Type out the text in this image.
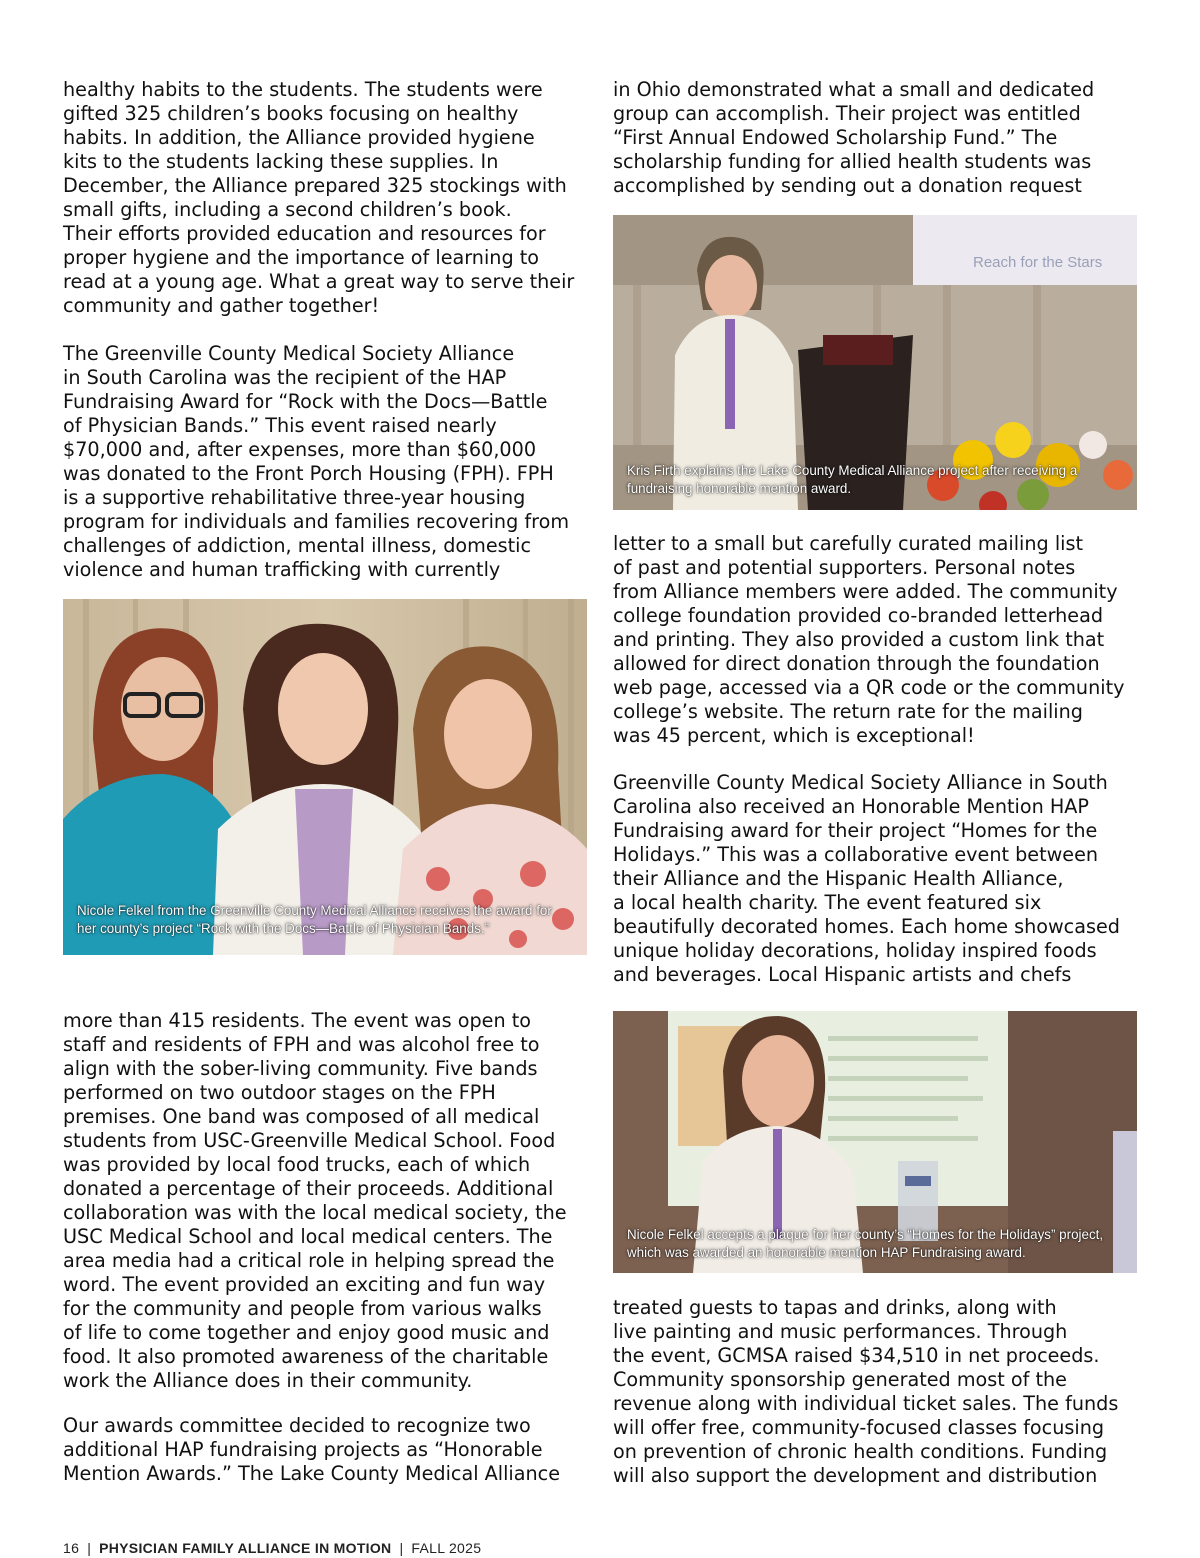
healthy habits to the students. The students were
gifted 325 children’s books focusing on healthy
habits. In addition, the Alliance provided hygiene
kits to the students lacking these supplies. In
December, the Alliance prepared 325 stockings with
small gifts, including a second children’s book.
Their efforts provided education and resources for
proper hygiene and the importance of learning to
read at a young age. What a great way to serve their
community and gather together!

The Greenville County Medical Society Alliance
in South Carolina was the recipient of the HAP
Fundraising Award for “Rock with the Docs—Battle
of Physician Bands.” This event raised nearly
$70,000 and, after expenses, more than $60,000
was donated to the Front Porch Housing (FPH). FPH
is a supportive rehabilitative three-year housing
program for individuals and families recovering from
challenges of addiction, mental illness, domestic
violence and human trafficking with currently

Nicole Felkel from the Greenville County Medical Alliance receives the award for
her county’s project “Rock with the Docs—Battle of Physician Bands.”

more than 415 residents. The event was open to
staff and residents of FPH and was alcohol free to
align with the sober-living community. Five bands
performed on two outdoor stages on the FPH
premises. One band was composed of all medical
students from USC-Greenville Medical School. Food
was provided by local food trucks, each of which
donated a percentage of their proceeds. Additional
collaboration was with the local medical society, the
USC Medical School and local medical centers. The
area media had a critical role in helping spread the
word. The event provided an exciting and fun way
for the community and people from various walks
of life to come together and enjoy good music and
food. It also promoted awareness of the charitable
work the Alliance does in their community.

Our awards committee decided to recognize two
additional HAP fundraising projects as “Honorable
Mention Awards.” The Lake County Medical Alliance

in Ohio demonstrated what a small and dedicated
group can accomplish. Their project was entitled
“First Annual Endowed Scholarship Fund.” The
scholarship funding for allied health students was
accomplished by sending out a donation request

Reach for the Stars

Kris Firth explains the Lake County Medical Alliance project after receiving a
fundraising honorable mention award.

letter to a small but carefully curated mailing list
of past and potential supporters. Personal notes
from Alliance members were added. The community
college foundation provided co-branded letterhead
and printing. They also provided a custom link that
allowed for direct donation through the foundation
web page, accessed via a QR code or the community
college’s website. The return rate for the mailing
was 45 percent, which is exceptional!

Greenville County Medical Society Alliance in South
Carolina also received an Honorable Mention HAP
Fundraising award for their project “Homes for the
Holidays.” This was a collaborative event between
their Alliance and the Hispanic Health Alliance,
a local health charity. The event featured six
beautifully decorated homes. Each home showcased
unique holiday decorations, holiday inspired foods
and beverages. Local Hispanic artists and chefs

Nicole Felkel accepts a plaque for her county’s “Homes for the Holidays” project,
which was awarded an honorable mention HAP Fundraising award.

treated guests to tapas and drinks, along with
live painting and music performances. Through
the event, GCMSA raised $34,510 in net proceeds.
Community sponsorship generated most of the
revenue along with individual ticket sales. The funds
will offer free, community-focused classes focusing
on prevention of chronic health conditions. Funding
will also support the development and distribution

16 | PHYSICIAN FAMILY ALLIANCE IN MOTION | FALL 2025
